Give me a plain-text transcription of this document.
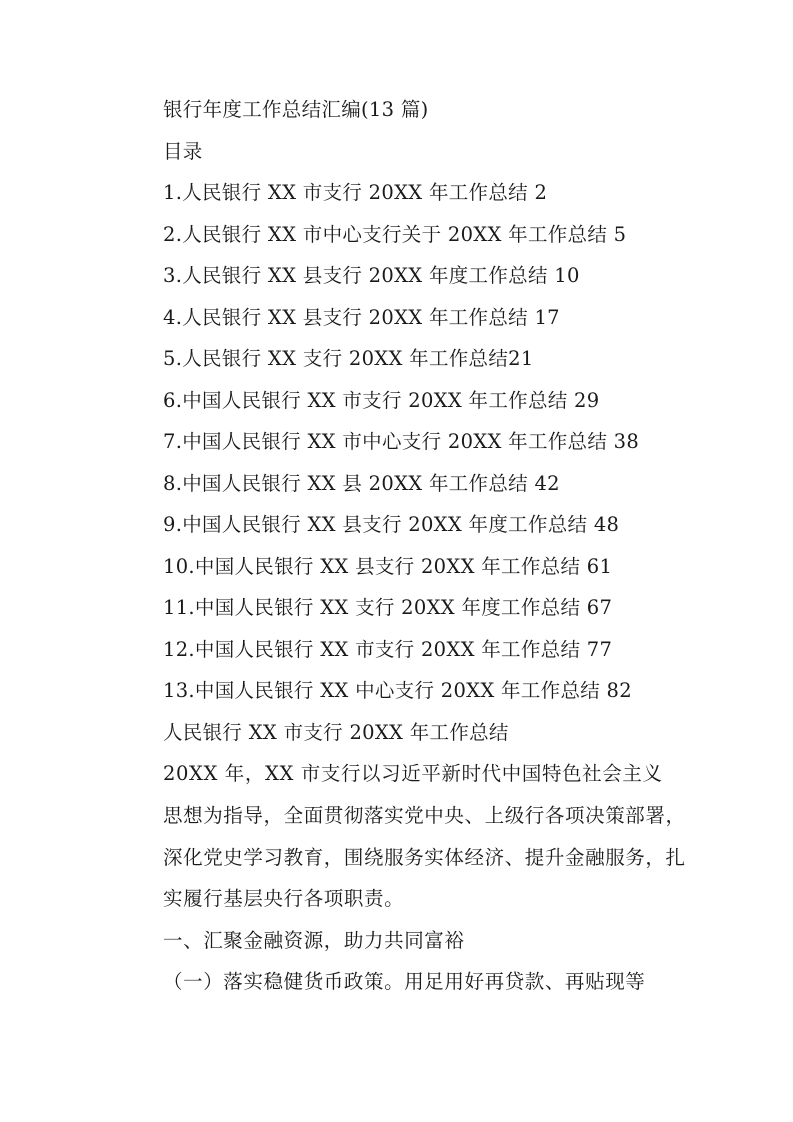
银行年度工作总结汇编(13 篇)
目录
1.人民银行 XX 市支行 20XX 年工作总结 2
2.人民银行 XX 市中心支行关于 20XX 年工作总结 5
3.人民银行 XX 县支行 20XX 年度工作总结 10
4.人民银行 XX 县支行 20XX 年工作总结 17
5.人民银行 XX 支行 20XX 年工作总结21
6.中国人民银行 XX 市支行 20XX 年工作总结 29
7.中国人民银行 XX 市中心支行 20XX 年工作总结 38
8.中国人民银行 XX 县 20XX 年工作总结 42
9.中国人民银行 XX 县支行 20XX 年度工作总结 48
10.中国人民银行 XX 县支行 20XX 年工作总结 61
11.中国人民银行 XX 支行 20XX 年度工作总结 67
12.中国人民银行 XX 市支行 20XX 年工作总结 77
13.中国人民银行 XX 中心支行 20XX 年工作总结 82
人民银行 XX 市支行 20XX 年工作总结
20XX 年，XX 市支行以习近平新时代中国特色社会主义
思想为指导，全面贯彻落实党中央、上级行各项决策部署，
深化党史学习教育，围绕服务实体经济、提升金融服务，扎
实履行基层央行各项职责。
一、汇聚金融资源，助力共同富裕
（一）落实稳健货币政策。用足用好再贷款、再贴现等
